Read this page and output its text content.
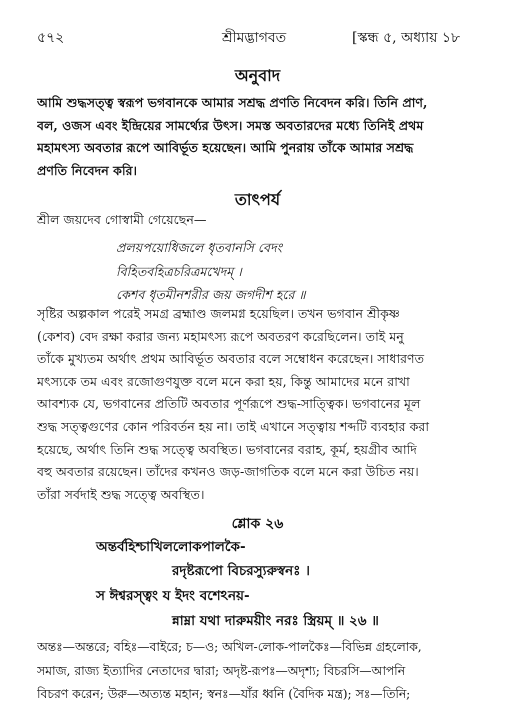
৫৭২	শ্রীমদ্ভাগবত	[স্কন্ধ ৫, অধ্যায় ১৮
অনুবাদ
আমি শুদ্ধসত্ত্ব স্বরূপ ভগবানকে আমার সশ্রদ্ধ প্রণতি নিবেদন করি। তিনি প্রাণ,
বল, ওজস এবং ইন্দ্রিয়ের সামর্থ্যের উৎস। সমস্ত অবতারদের মধ্যে তিনিই প্রথম
মহামৎস্য অবতার রূপে আবির্ভূত হয়েছেন। আমি পুনরায় তাঁকে আমার সশ্রদ্ধ
প্রণতি নিবেদন করি।
তাৎপর্য
শ্রীল জয়দেব গোস্বামী গেয়েছেন—
প্রলয়পয়োধিজলে ধৃতবানসি বেদং
বিহিতবহিত্রচরিত্রমখেদম্ ।
কেশব ধৃতমীনশরীর জয় জগদীশ হরে ॥
সৃষ্টির অল্পকাল পরেই সমগ্র ব্রহ্মাণ্ড জলমগ্ন হয়েছিল। তখন ভগবান শ্রীকৃষ্ণ
(কেশব) বেদ রক্ষা করার জন্য মহামৎস্য রূপে অবতরণ করেছিলেন। তাই মনু
তাঁকে মুখ্যতম অর্থাৎ প্রথম আবির্ভূত অবতার বলে সম্বোধন করেছেন। সাধারণত
মৎস্যকে তম এবং রজোগুণযুক্ত বলে মনে করা হয়, কিন্তু আমাদের মনে রাখা
আবশ্যক যে, ভগবানের প্রতিটি অবতার পূর্ণরূপে শুদ্ধ-সাত্ত্বিক। ভগবানের মূল
শুদ্ধ সত্ত্বগুণের কোন পরিবর্তন হয় না। তাই এখানে সত্ত্বায় শব্দটি ব্যবহার করা
হয়েছে, অর্থাৎ তিনি শুদ্ধ সত্ত্বে অবস্থিত। ভগবানের বরাহ, কূর্ম, হয়গ্রীব আদি
বহু অবতার রয়েছেন। তাঁদের কখনও জড়-জাগতিক বলে মনে করা উচিত নয়।
তাঁরা সর্বদাই শুদ্ধ সত্ত্বে অবস্থিত।
শ্লোক ২৬
অন্তর্বহিশ্চাখিললোকপালকৈ-
রদৃষ্টরূপো বিচরস্যুরুস্বনঃ ।
স ঈশ্বরস্ত্বং য ইদং বশেঽনয়-
ন্নাম্না যথা দারুময়ীং নরঃ স্ত্রিয়ম্ ॥ ২৬ ॥
অন্তঃ—অন্তরে; বহিঃ—বাইরে; চ—ও; অখিল-লোক-পালকৈঃ—বিভিন্ন গ্রহলোক,
সমাজ, রাজ্য ইত্যাদির নেতাদের দ্বারা; অদৃষ্ট-রূপঃ—অদৃশ্য; বিচরসি—আপনি
বিচরণ করেন; উরু—অত্যন্ত মহান; স্বনঃ—যাঁর ধ্বনি (বৈদিক মন্ত্র); সঃ—তিনি;
